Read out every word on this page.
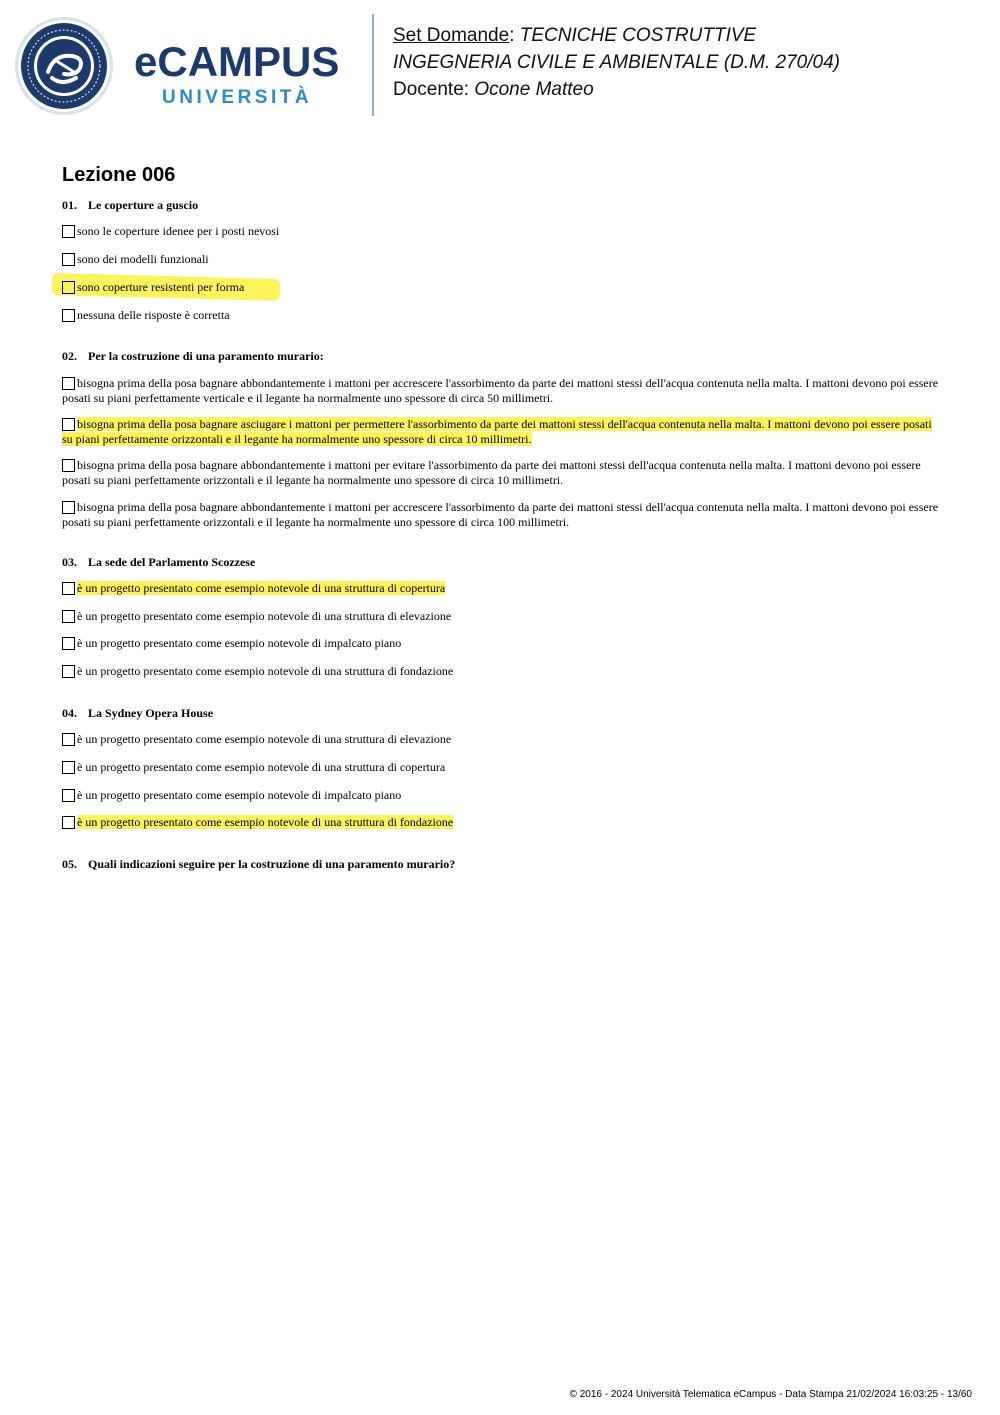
eCAMPUS
UNIVERSITÀ
Set Domande: TECNICHE COSTRUTTIVE
INGEGNERIA CIVILE E AMBIENTALE (D.M. 270/04)
Docente: Ocone Matteo
Lezione 006
01. Le coperture a guscio
sono le coperture idenee per i posti nevosi
sono dei modelli funzionali
sono coperture resistenti per forma
nessuna delle risposte è corretta
02. Per la costruzione di una paramento murario:
bisogna prima della posa bagnare abbondantemente i mattoni per accrescere l'assorbimento da parte dei mattoni stessi dell'acqua contenuta nella malta. I mattoni devono poi essere posati su piani perfettamente verticale e il legante ha normalmente uno spessore di circa 50 millimetri.
bisogna prima della posa bagnare asciugare i mattoni per permettere l'assorbimento da parte dei mattoni stessi dell'acqua contenuta nella malta. I mattoni devono poi essere posati su piani perfettamente orizzontali e il legante ha normalmente uno spessore di circa 10 millimetri.
bisogna prima della posa bagnare abbondantemente i mattoni per evitare l'assorbimento da parte dei mattoni stessi dell'acqua contenuta nella malta. I mattoni devono poi essere posati su piani perfettamente orizzontali e il legante ha normalmente uno spessore di circa 10 millimetri.
bisogna prima della posa bagnare abbondantemente i mattoni per accrescere l'assorbimento da parte dei mattoni stessi dell'acqua contenuta nella malta. I mattoni devono poi essere posati su piani perfettamente orizzontali e il legante ha normalmente uno spessore di circa 100 millimetri.
03. La sede del Parlamento Scozzese
è un progetto presentato come esempio notevole di una struttura di copertura
è un progetto presentato come esempio notevole di una struttura di elevazione
è un progetto presentato come esempio notevole di impalcato piano
è un progetto presentato come esempio notevole di una struttura di fondazione
04. La Sydney Opera House
è un progetto presentato come esempio notevole di una struttura di elevazione
è un progetto presentato come esempio notevole di una struttura di copertura
è un progetto presentato come esempio notevole di impalcato piano
è un progetto presentato come esempio notevole di una struttura di fondazione
05. Quali indicazioni seguire per la costruzione di una paramento murario?
© 2016 - 2024 Università Telematica eCampus - Data Stampa 21/02/2024 16:03:25 - 13/60
